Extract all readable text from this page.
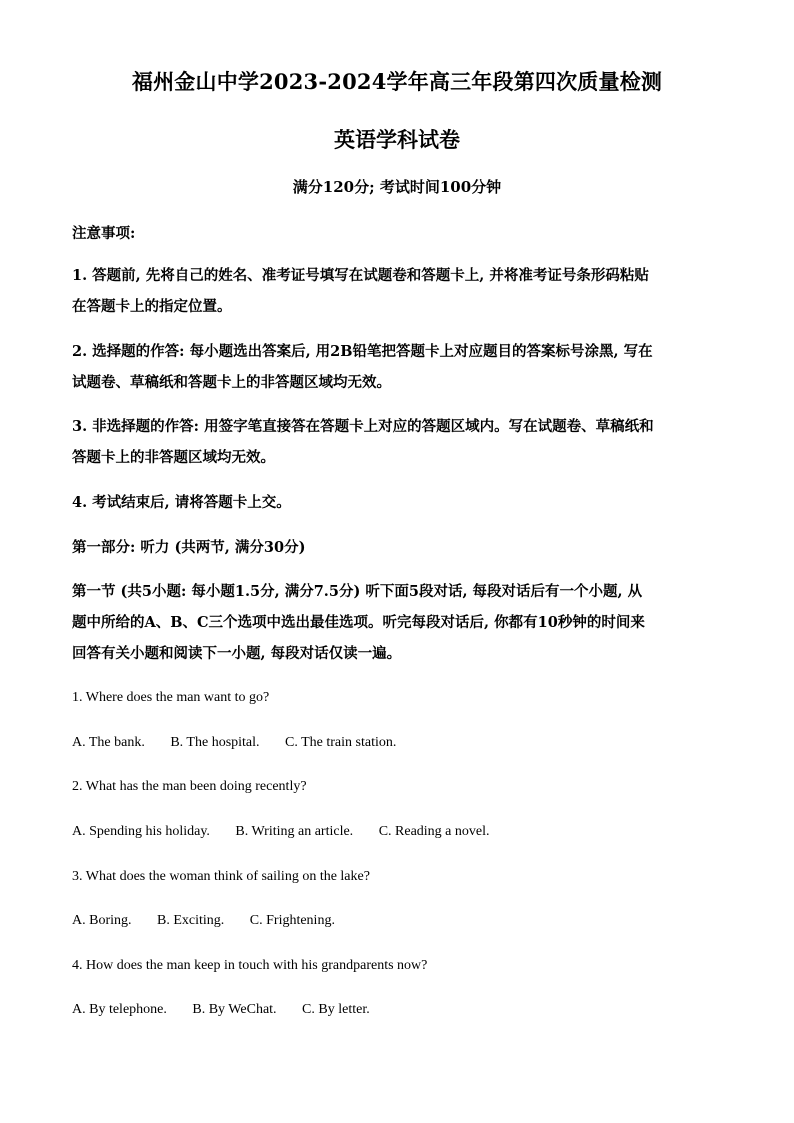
福州金山中学2023-2024学年高三年段第四次质量检测
英语学科试卷
满分120分; 考试时间100分钟
注意事项:
1. 答题前, 先将自己的姓名、准考证号填写在试题卷和答题卡上, 并将准考证号条形码粘贴
在答题卡上的指定位置。
2. 选择题的作答: 每小题选出答案后, 用2B铅笔把答题卡上对应题目的答案标号涂黑, 写在
试题卷、草稿纸和答题卡上的非答题区域均无效。
3. 非选择题的作答: 用签字笔直接答在答题卡上对应的答题区域内。写在试题卷、草稿纸和
答题卡上的非答题区域均无效。
4. 考试结束后, 请将答题卡上交。
第一部分: 听力 (共两节, 满分30分)
第一节 (共5小题: 每小题1.5分, 满分7.5分) 听下面5段对话, 每段对话后有一个小题, 从
题中所给的A、B、C三个选项中选出最佳选项。听完每段对话后, 你都有10秒钟的时间来
回答有关小题和阅读下一小题, 每段对话仅读一遍。
1. Where does the man want to go?
A. The bank. B. The hospital. C. The train station.
2. What has the man been doing recently?
A. Spending his holiday. B. Writing an article. C. Reading a novel.
3. What does the woman think of sailing on the lake?
A. Boring. B. Exciting. C. Frightening.
4. How does the man keep in touch with his grandparents now?
A. By telephone. B. By WeChat. C. By letter.
